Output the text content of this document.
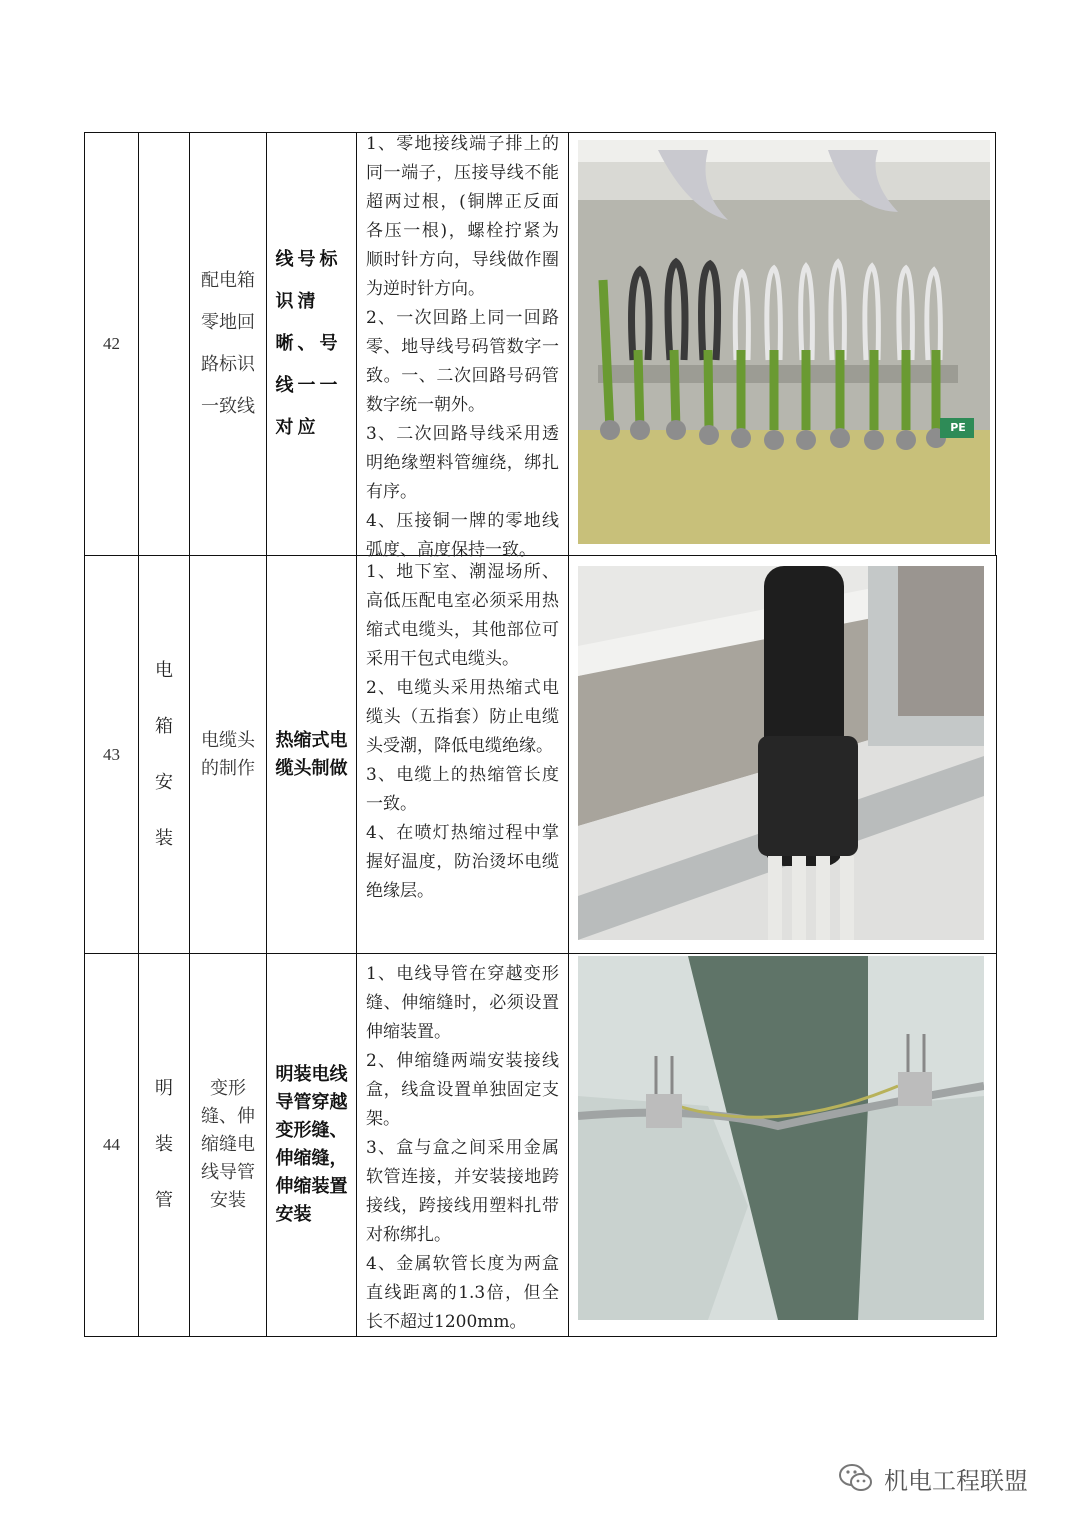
42
配电箱零地回路标识一致线
线号标识清晰、号线一一对应

1、零地接线端子排上的同一端子，压接导线不能超两过根，(铜牌正反面各压一根)，螺栓拧紧为顺时针方向，导线做作圈为逆时针方向。

2、一次回路上同一回路零、地导线号码管数字一致。一、二次回路号码管数字统一朝外。

3、二次回路导线采用透明绝缘塑料管缠绕，绑扎有序。

4、压接铜一牌的零地线弧度、高度保持一致。

PE
43
电箱安装
电缆头的制作
热缩式电缆头制做

1、地下室、潮湿场所、高低压配电室必须采用热缩式电缆头，其他部位可采用干包式电缆头。

2、电缆头采用热缩式电缆头（五指套）防止电缆头受潮，降低电缆绝缘。

3、电缆上的热缩管长度一致。

4、在喷灯热缩过程中掌握好温度，防治烫坏电缆绝缘层。

44
明装管
变形缝、伸缩缝电线导管安装
明装电线导管穿越变形缝、伸缩缝，伸缩装置安装

1、电线导管在穿越变形缝、伸缩缝时，必须设置伸缩装置。

2、伸缩缝两端安装接线盒，线盒设置单独固定支架。

3、盒与盒之间采用金属软管连接，并安装接地跨接线，跨接线用塑料扎带对称绑扎。

4、金属软管长度为两盒直线距离的1.3倍，但全长不超过1200mm。

机电工程联盟
